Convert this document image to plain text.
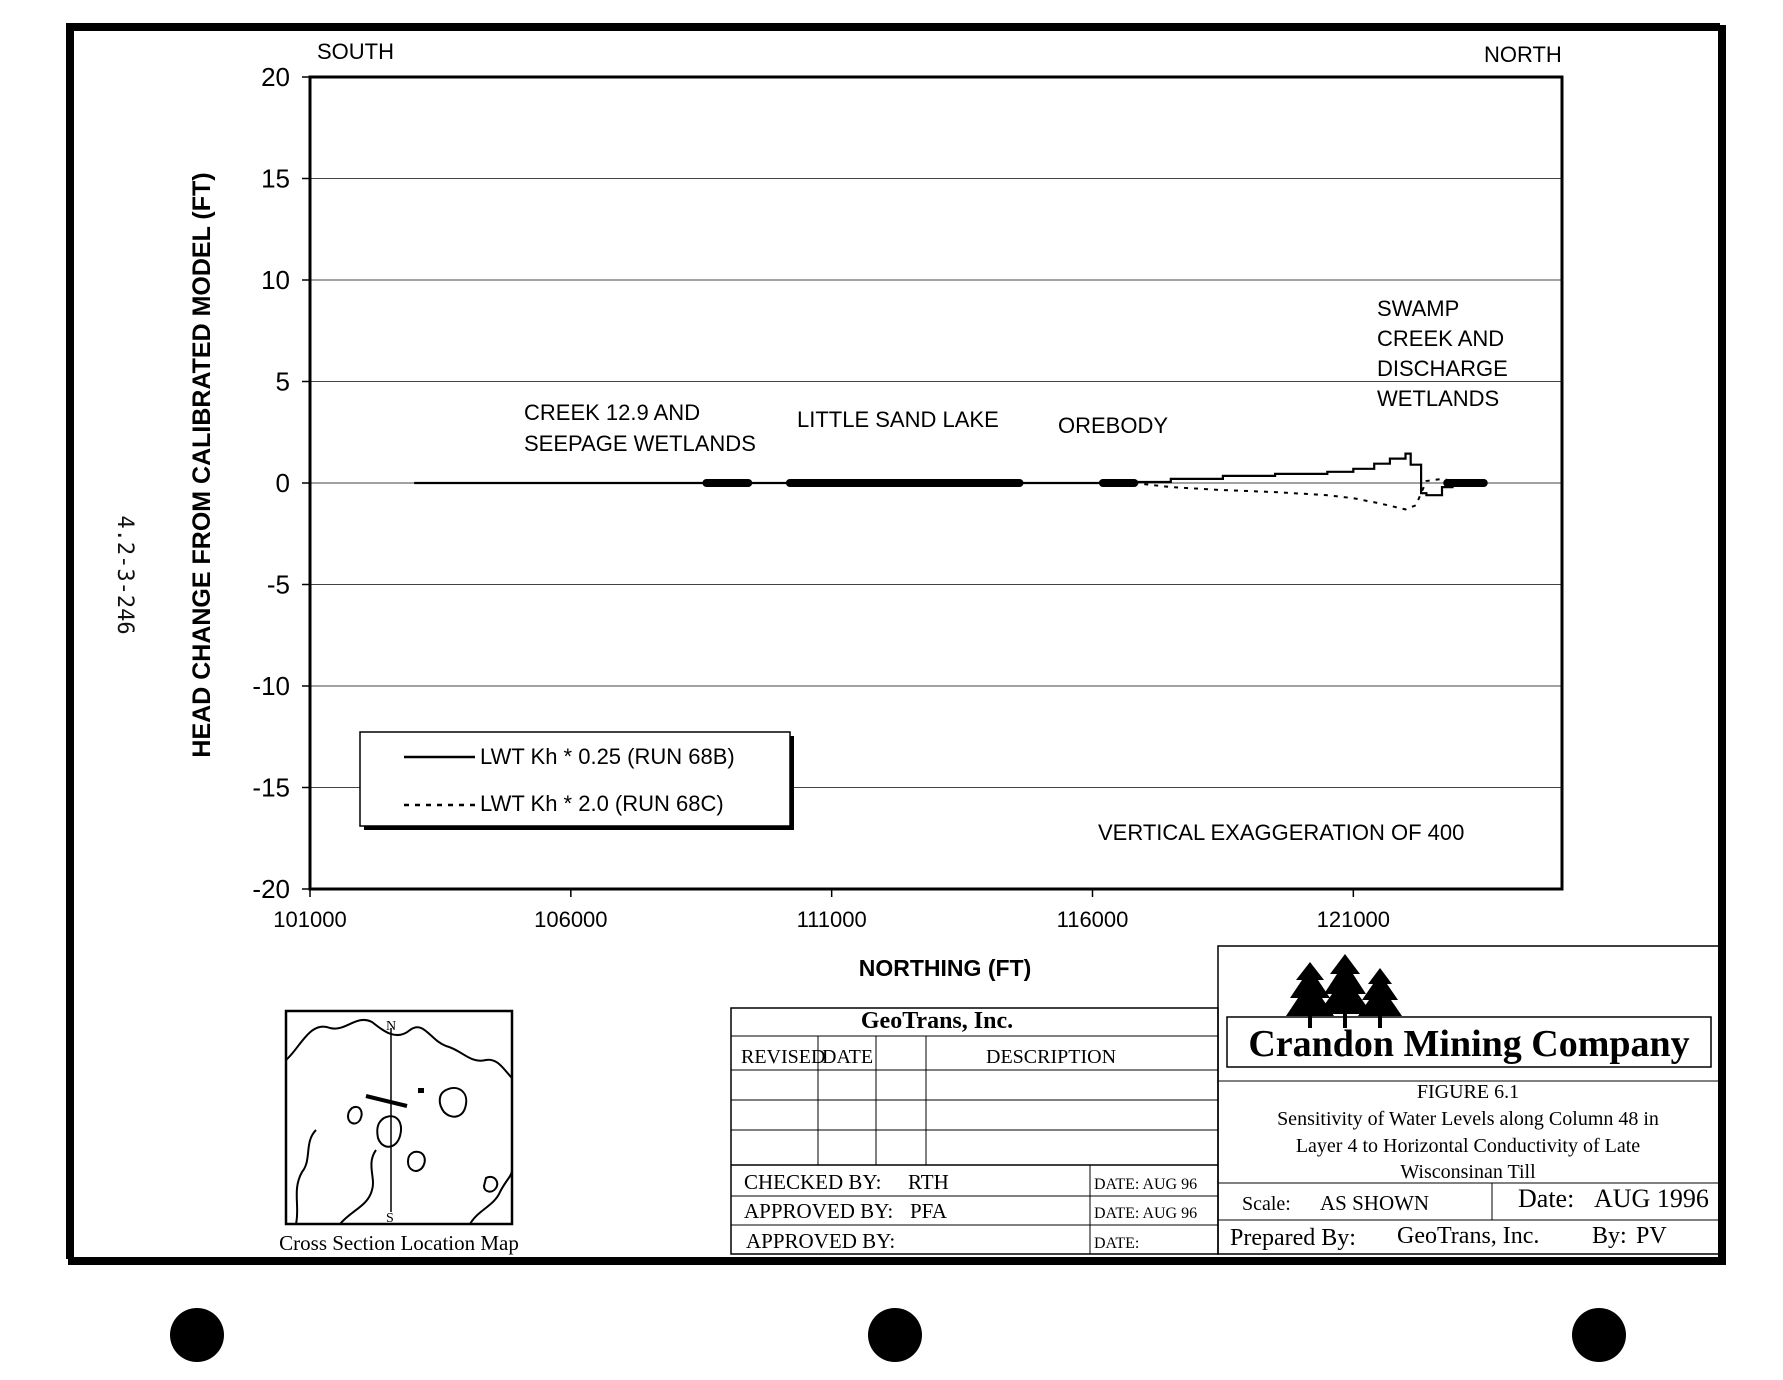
20
15
10
5
0
-5
-10
-15
-20
101000	106000	111000	116000	121000
SOUTH	NORTH
NORTHING (FT)
HEAD CHANGE FROM CALIBRATED MODEL (FT)	CREEK 12.9 AND SEEPAGE WETLANDS
LITTLE SAND LAKE	OREBODY
SWAMP CREEK AND DISCHARGE WETLANDS
VERTICAL EXAGGERATION OF 400
LWT Kh * 0.25 (RUN 68B)
LWT Kh * 2.0 (RUN 68C)
N
S
Cross Section Location Map
GeoTrans, Inc.
REVISED
DATE	DESCRIPTION
CHECKED BY: RTH	DATE: AUG 96
APPROVED BY: PFA	DATE: AUG 96
APPROVED BY:	DATE:
Crandon Mining Company
FIGURE 6.1
Sensitivity of Water Levels along Column 48 in
Layer 4 to Horizontal Conductivity of Late
Wisconsinan Till
Scale: AS SHOWN	Date: AUG 1996
Prepared By: GeoTrans, Inc. By: PV
4.2-3-246
